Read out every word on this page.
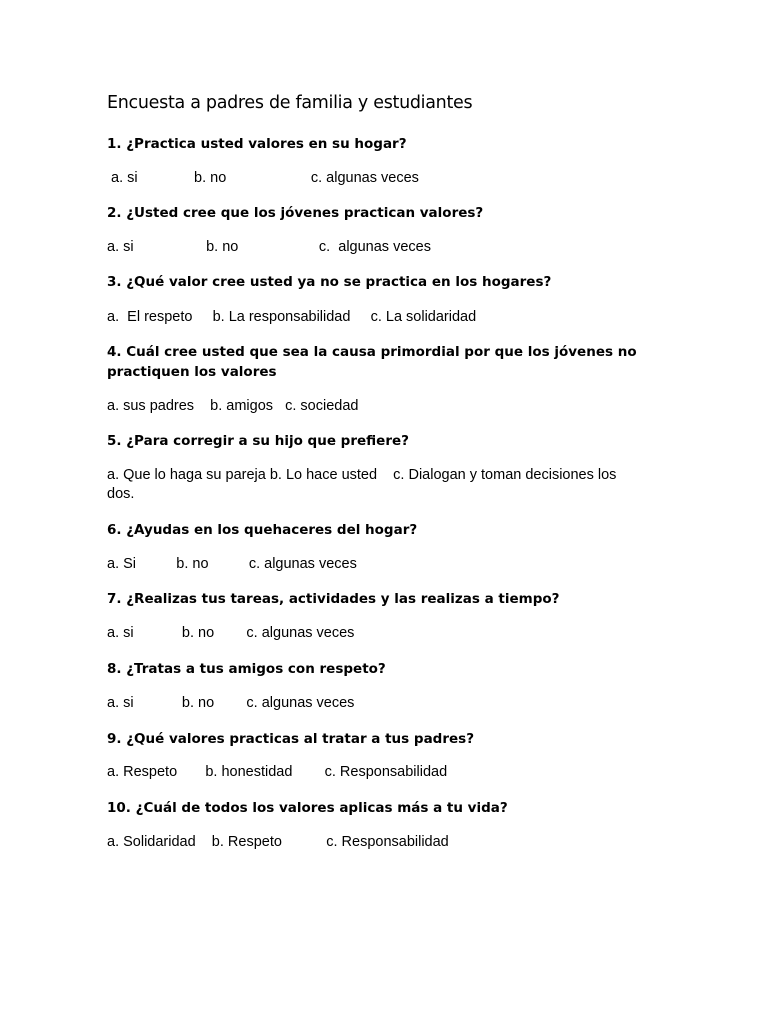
Encuesta a padres de familia y estudiantes

1. ¿Practica usted valores en su hogar?

a. si              b. no                     c. algunas veces

2. ¿Usted cree que los jóvenes practican valores?

a. si                  b. no                    c.  algunas veces

3. ¿Qué valor cree usted ya no se practica en los hogares?

a.  El respeto     b. La responsabilidad     c. La solidaridad

4. Cuál cree usted que sea la causa primordial por que los jóvenes no practiquen los valores

a. sus padres    b. amigos   c. sociedad

5. ¿Para corregir a su hijo que prefiere?

a. Que lo haga su pareja b. Lo hace usted    c. Dialogan y toman decisiones los dos.

6. ¿Ayudas en los quehaceres del hogar?

a. Si          b. no          c. algunas veces

7. ¿Realizas tus tareas, actividades y las realizas a tiempo?

a. si            b. no        c. algunas veces

8. ¿Tratas a tus amigos con respeto?

a. si            b. no        c. algunas veces

9. ¿Qué valores practicas al tratar a tus padres?

a. Respeto       b. honestidad        c. Responsabilidad

10. ¿Cuál de todos los valores aplicas más a tu vida?

a. Solidaridad    b. Respeto           c. Responsabilidad
